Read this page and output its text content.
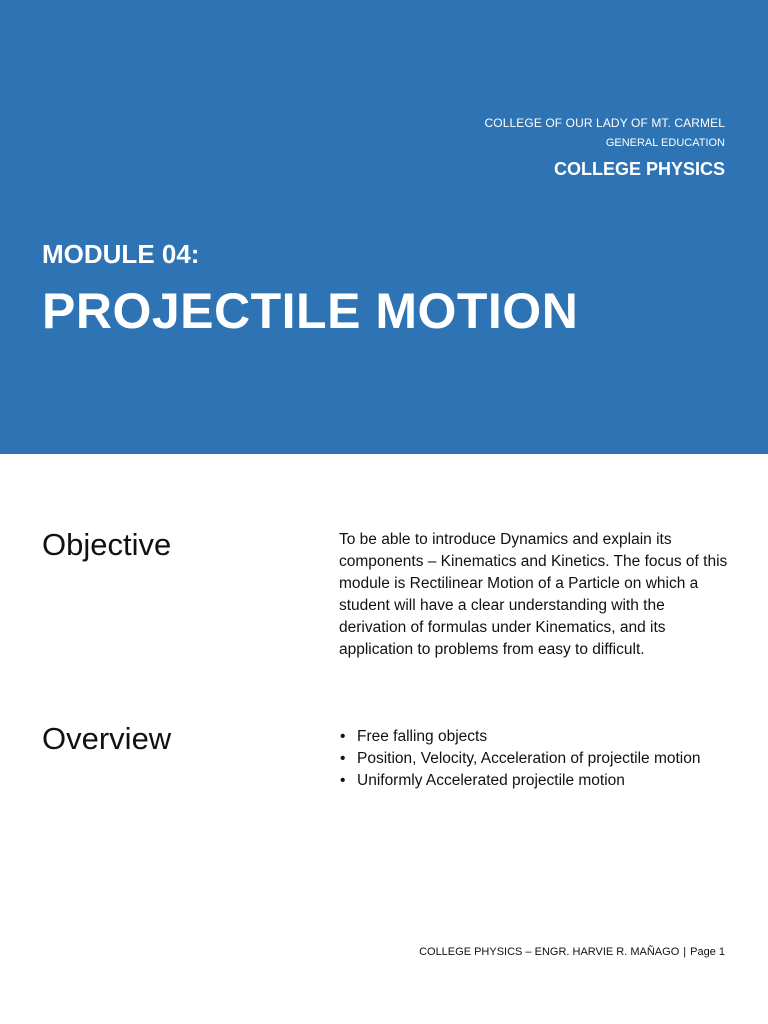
COLLEGE OF OUR LADY OF MT. CARMEL
GENERAL EDUCATION
COLLEGE PHYSICS
MODULE 04:
PROJECTILE MOTION
Objective	To be able to introduce Dynamics and explain its components – Kinematics and Kinetics. The focus of this module is Rectilinear Motion of a Particle on which a student will have a clear understanding with the derivation of formulas under Kinematics, and its application to problems from easy to difficult.
Overview	• Free falling objects
• Position, Velocity, Acceleration of projectile motion
• Uniformly Accelerated projectile motion
COLLEGE PHYSICS – ENGR. HARVIE R. MAÑAGO | Page 1
